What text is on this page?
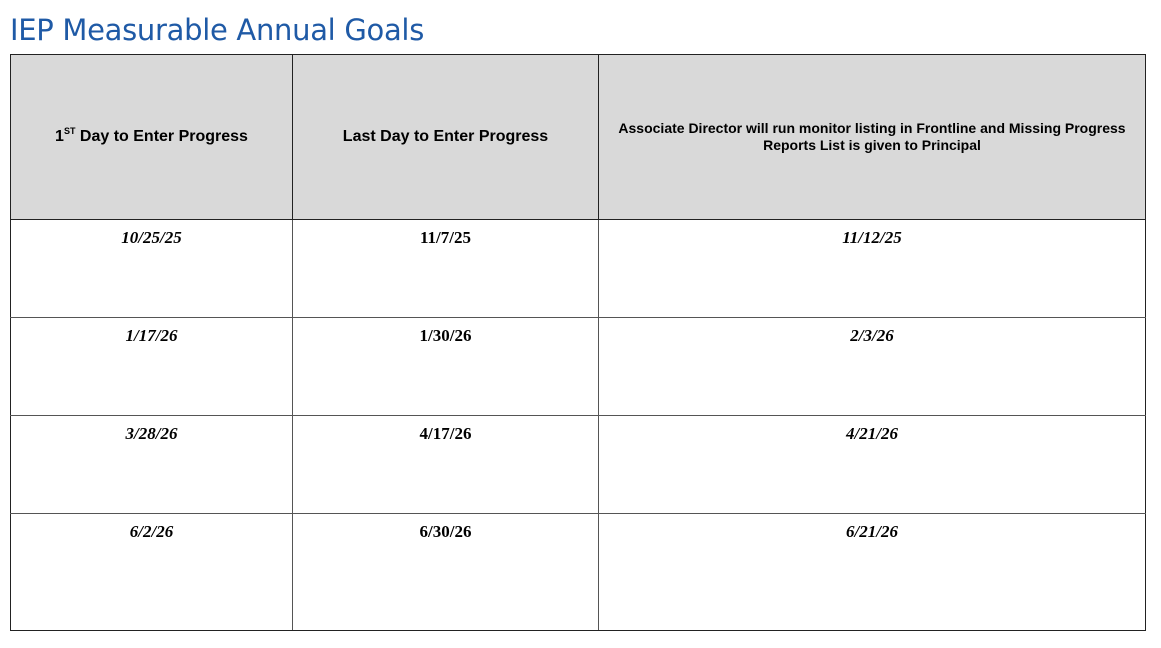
IEP Measurable Annual Goals
1ST Day to Enter Progress	Last Day to Enter Progress	Associate Director will run monitor listing in Frontline and Missing Progress Reports List is given to Principal
10/25/25	11/7/25	11/12/25
1/17/26	1/30/26	2/3/26
3/28/26	4/17/26	4/21/26
6/2/26	6/30/26	6/21/26
